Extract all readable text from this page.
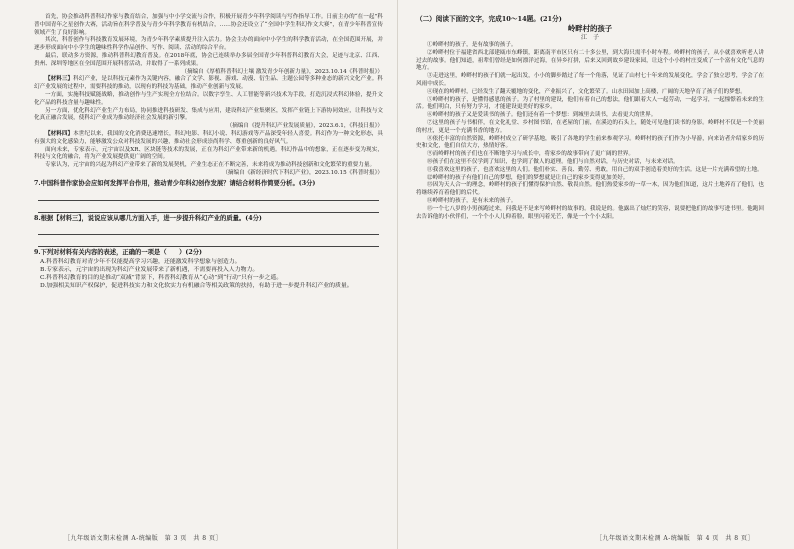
首先，协会推动科普科幻作家与教育结合，加强与中小学交流与合作，积极开展青少年科学阅读与写作指导工作。日前主办的“在一起”科普中国青年之星创作大赛，活动旨在科学普及与青少年科学教育有机结合，……协会还设立了“全国中学生科幻作文大赛”，在青少年科普宣传领域产生了良好影响。

其次，科普创作与科技教育发展环境，为青少年科学素质提升注入活力。协会主办的面向中小学生的科学教育活动，在全国范围开展，并逐步形成面向中小学生的趣味性科学作品创作、写作、阅读、活动的综合平台。

最后，联动多方资源，推动科普科幻教育普及。在2018年底，协会已连续举办多届全国青少年科普科幻教育大会，足迹与北京、江西、贵州、深圳等地区在全国范围开展科普活动，并取得了一系列成果。

（摘编自《厚植科普科幻土壤 激发青少年创新力量》，2023.10.14《科普时报》）

【材料三】科幻产业，是以科技元素作为关键内容，融合了文学、影视、游戏、动漫、衍生品、主题公园等多种业态的新兴文化产业。科幻产业发展的过程中，需要科技的推动，以现有的科技为基础，推动产业创新与发展。

一方面，实施科技赋能战略，推动创作与生产实现全方位结合。以数字孪生、人工智能等新兴技术为手段，打造沉浸式科幻体验，提升文化产品的科技含量与趣味性。

另一方面，优化科幻产业生产力布局，协同推进科技研发、集成与应用，建设科幻产业集聚区，发挥产业链上下游协同效应，让科技与文化真正融合发展，使科幻产业成为推动经济社会发展的新引擎。

（摘编自《提升科幻产业发展质量》，2023.6.1，《科技日报》）

【材料四】本世纪以来，我国的文化消费迅速增长，科幻电影、科幻小说、科幻游戏等产品深受年轻人喜爱。科幻作为一种文化形态，具有强大的文化感染力，能够激发公众对科技发展的兴趣，推动社会形成崇尚科学、尊重创新的良好风气。

面向未来，专家表示，元宇宙以及XR、区块链等技术的发展，正在为科幻产业带来新的机遇。科幻作品中的想象，正在逐步变为现实，科技与文化的融合，将为产业发展提供更广阔的空间。

专家认为，元宇宙的兴起为科幻产业带来了新的发展契机，产业生态正在不断完善，未来将成为推动科技创新和文化繁荣的重要力量。

（摘编自《新经济时代下科幻产业》，2023.10.15《科普时报》）

7.中国科普作家协会应如何发挥平台作用，推动青少年科幻创作发展？请结合材料作简要分析。(3分)

8.根据【材料三】，说说应该从哪几方面入手，进一步提升科幻产业的质量。(4分)

9.下列对材料有关内容的表述，正确的一项是（　　）(2分)

A.科普科幻教育对青少年不仅能提高学习兴趣，还能激发科学想象与创造力。

B.专家表示，元宇宙的出现为科幻产业发展带来了新机遇，不需要再投入人力物力。

C.科普科幻教育的目的是推动“双减”背景下，科普科幻教育从“心动”到“行动”只有一步之遥。

D.加强相关知识产权保护，促进科技实力和文化软实力有机融合等相关政策的扶持，有助于进一步提升科幻产业的质量。

［九年级语文期末检测 A-统编版　第 3 页　共 8 页］

（二）阅读下面的文字，完成10～14题。(21分)

岭畔村的孩子

江　子

①岭畔村的孩子，是有故事的孩子。

②岭畔村位于福建省西北部建瓯市东峰镇，距离南平市区只有二十多公里，到大海只需半小时车程。岭畔村的孩子，从小就喜欢听老人讲过去的故事。他们知道，祖辈们曾经是如何漂洋过海，在异乡打拼，后来又回到故乡建设家园，让这个小小的村庄变成了一个富有文化气息的地方。

③走进这里，岭畔村的孩子们就一起出发，小小的脚步踏过了每一个角落，见证了山村七十年来的发展变化，学会了独立思考，学会了在风雨中成长。

④现在的岭畔村，已经发生了翻天覆地的变化，产业振兴了，文化繁荣了。山水田园加上高楼，广阔的天地孕育了孩子们的梦想。

⑤岭畔村的孩子，是懂得感恩的孩子。为了村里的建设，他们有着自己的想法，他们跟着大人一起劳动，一起学习，一起憧憬着未来的生活。他们明白，只有努力学习，才能建设更美好的家乡。

⑥岭畔村的孩子又是爱读书的孩子。他们还有着一个梦想：到城里去读书，去看更大的世界。

⑦这里的孩子与书相伴，在文化礼堂、乡村图书馆，在老屋的门前，在溪边的石头上，随处可见他们读书的身影。岭畔村不仅是一个美丽的村庄，更是一个充满书香的地方。

⑧依托丰富的自然资源，岭畔村成立了研学基地，吸引了各地的学生前来参观学习。岭畔村的孩子们作为小导游，向来访者介绍家乡的历史和文化，他们自信大方，热情好客。

⑨而岭畔村的孩子们也在不断地学习与成长中，将家乡的故事带向了更广阔的世界。

⑩孩子们在这里不仅学到了知识，也学到了做人的道理。他们与自然对话，与历史对话，与未来对话。

⑪我喜欢这里的孩子，也喜欢这里的人们。他们朴实、善良、勤劳、勇敢，用自己的双手创造着美好的生活。这是一片充满希望的土地。

⑫岭畔村的孩子有他们自己的梦想，他们的梦想就是让自己的家乡变得更加美好。

⑬因为天人合一的理念，岭畔村的孩子们懂得保护自然、敬畏自然。他们热爱家乡的一草一木，因为他们知道，这片土地养育了他们，也将继续养育着他们的后代。

⑭岭畔村的孩子，是有未来的孩子。

⑮一个七八岁的小男孩跑过来，问我是不是来写岭畔村的故事的。我说是的。他露出了灿烂的笑容，说要把他们的故事写进书里。他跑回去告诉他的小伙伴们，一个个小人儿仰着脸，眼里闪着光芒，像是一个个小太阳。

［九年级语文期末检测 A-统编版　第 4 页　共 8 页］
